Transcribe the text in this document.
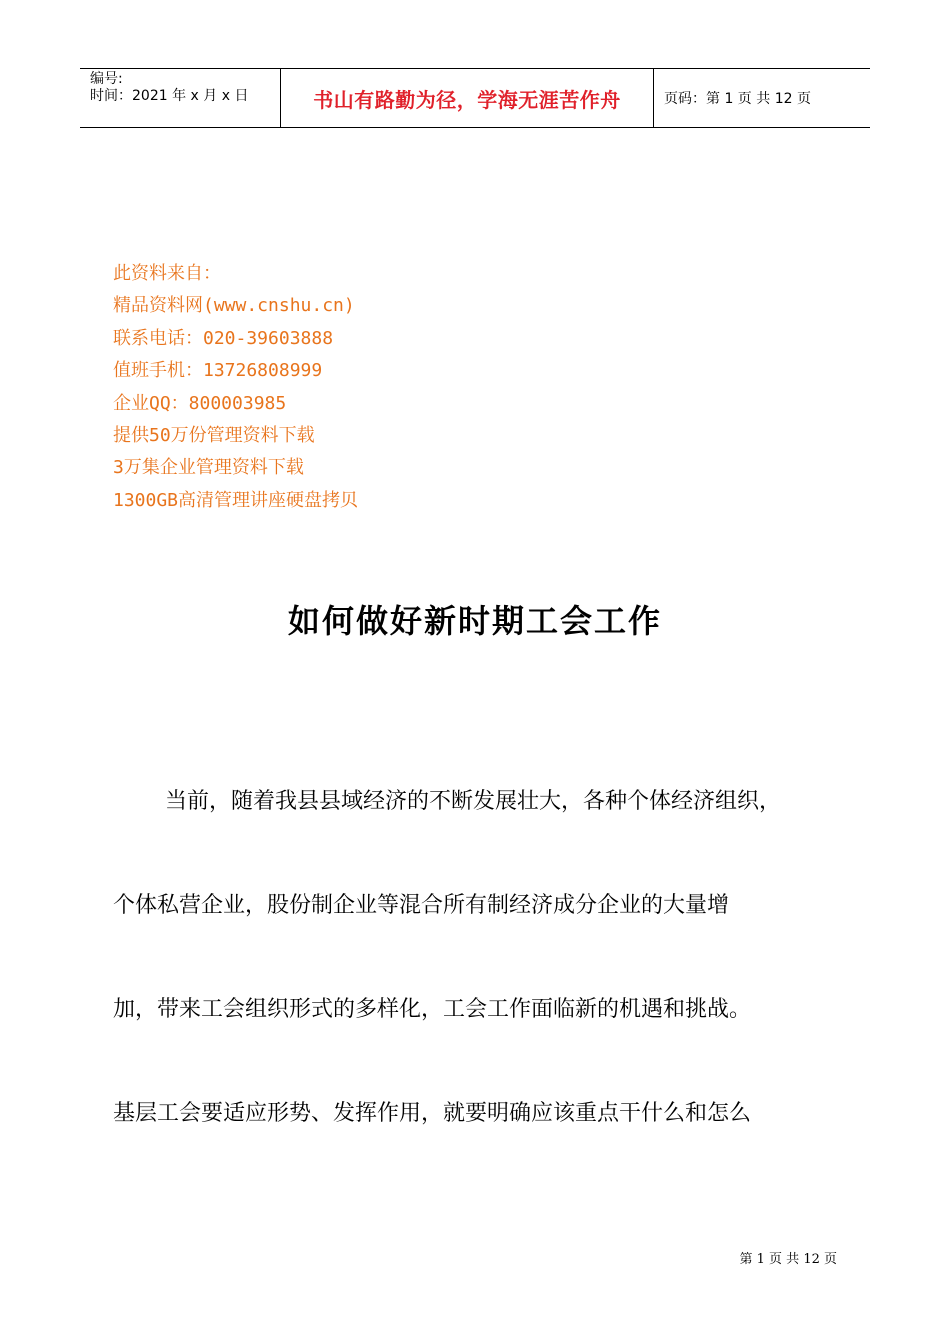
编号:
时间：2021 年 x 月 x 日	书山有路勤为径，学海无涯苦作舟	页码：第 1 页 共 12 页
此资料来自：
精品资料网(www.cnshu.cn)
联系电话：020-39603888
值班手机：13726808999
企业QQ：800003985
提供50万份管理资料下载
3万集企业管理资料下载
1300GB高清管理讲座硬盘拷贝
如何做好新时期工会工作
当前，随着我县县域经济的不断发展壮大，各种个体经济组织，
个体私营企业，股份制企业等混合所有制经济成分企业的大量增
加，带来工会组织形式的多样化，工会工作面临新的机遇和挑战。
基层工会要适应形势、发挥作用，就要明确应该重点干什么和怎么
第 1 页 共 12 页
